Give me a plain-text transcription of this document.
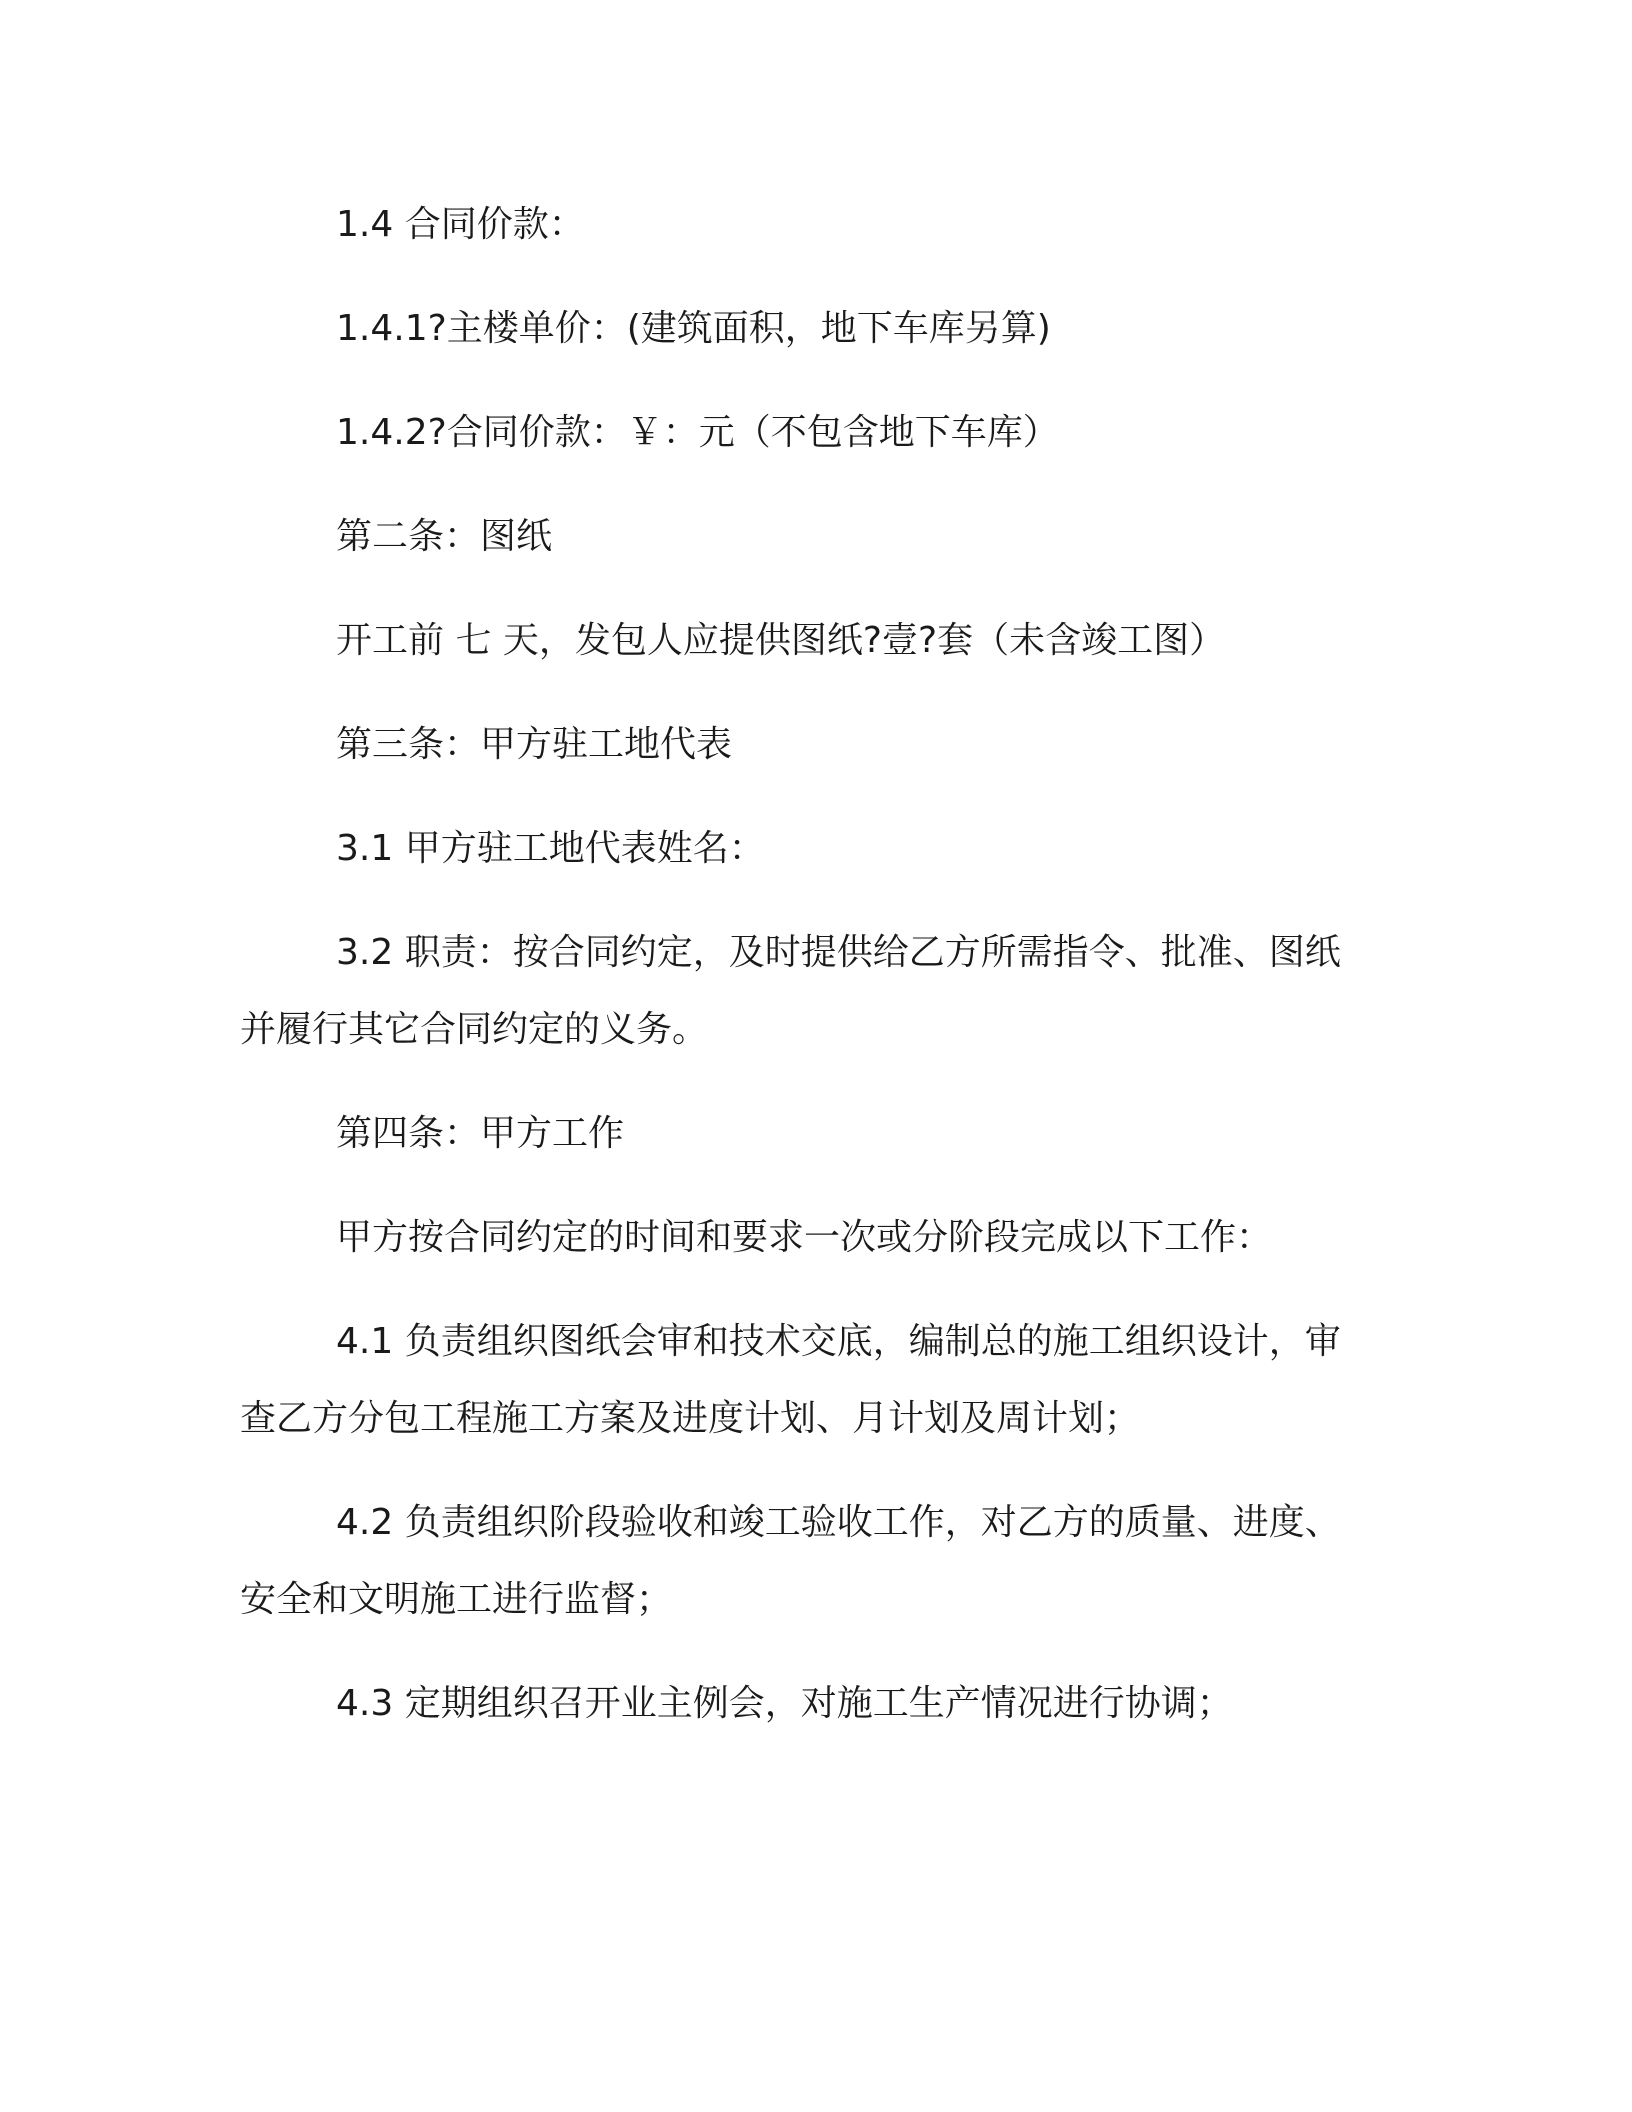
1.4 合同价款：

1.4.1?主楼单价：(建筑面积，地下车库另算)

1.4.2?合同价款：￥：元（不包含地下车库）

第二条：图纸

开工前 七 天，发包人应提供图纸?壹?套（未含竣工图）

第三条：甲方驻工地代表

3.1 甲方驻工地代表姓名：

3.2 职责：按合同约定，及时提供给乙方所需指令、批准、图纸并履行其它合同约定的义务。

第四条：甲方工作

甲方按合同约定的时间和要求一次或分阶段完成以下工作：

4.1 负责组织图纸会审和技术交底，编制总的施工组织设计，审查乙方分包工程施工方案及进度计划、月计划及周计划；

4.2 负责组织阶段验收和竣工验收工作，对乙方的质量、进度、安全和文明施工进行监督；

4.3 定期组织召开业主例会，对施工生产情况进行协调；
